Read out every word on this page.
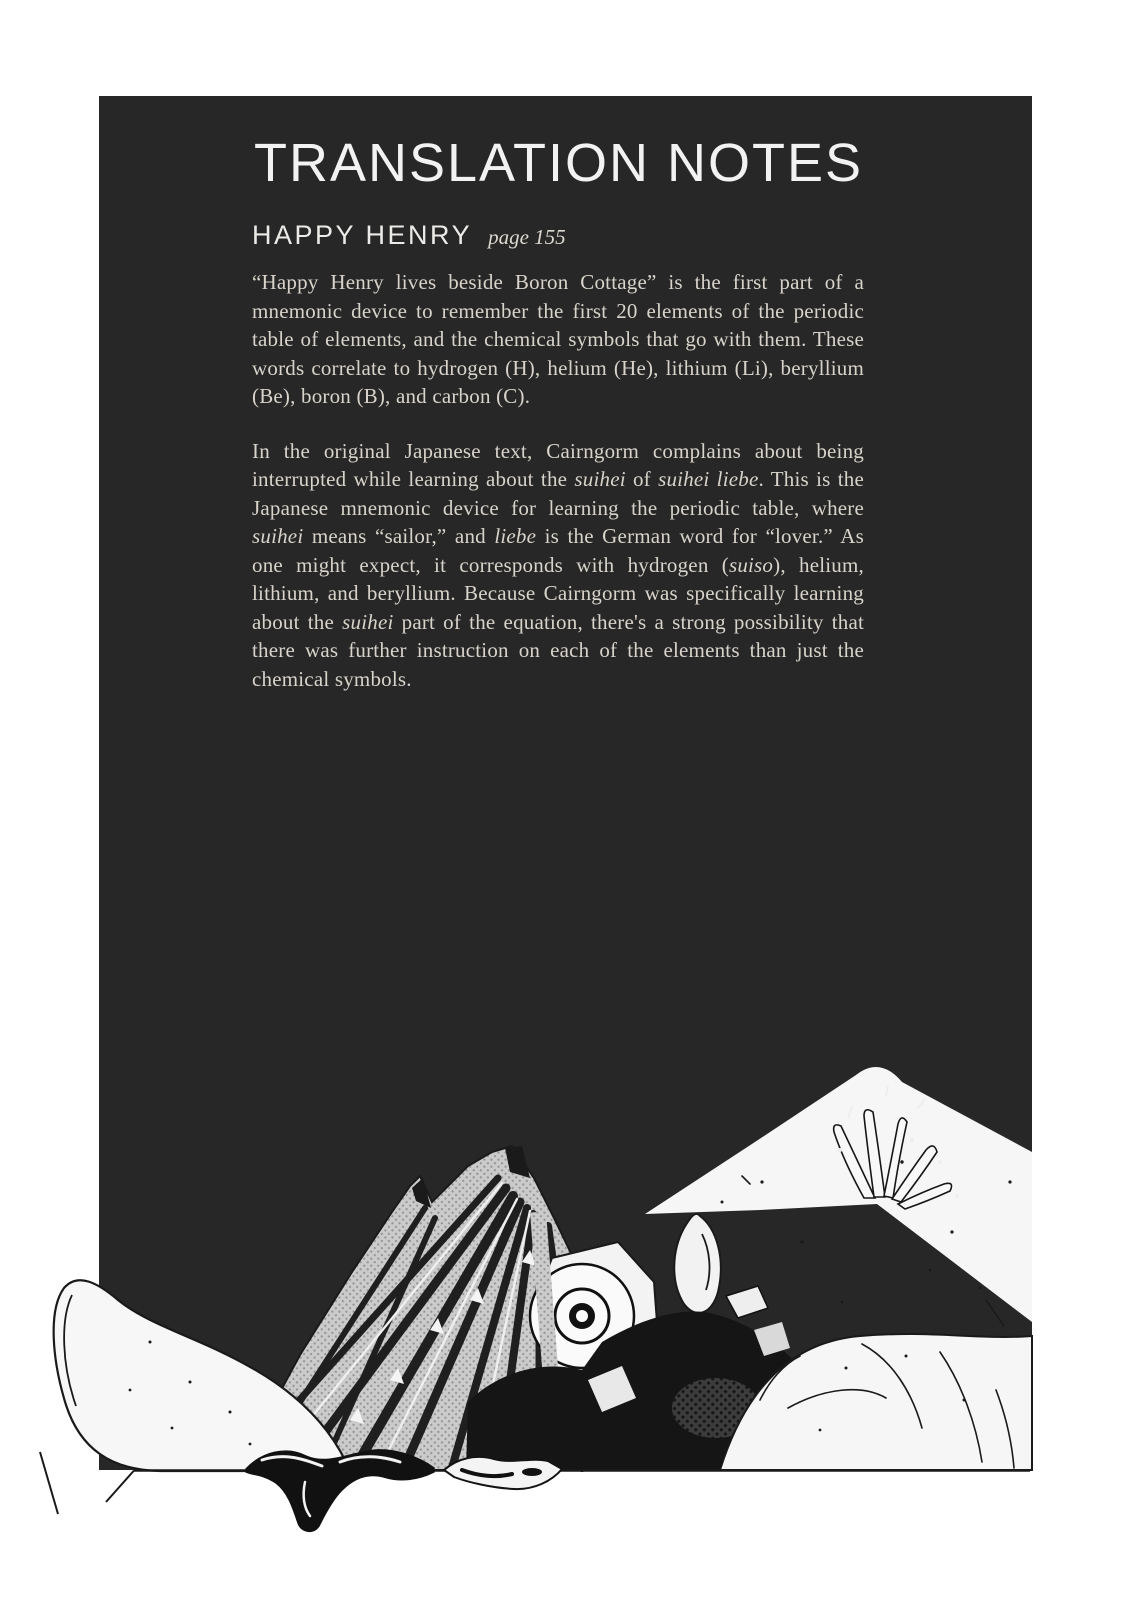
TRANSLATION NOTES
HAPPY HENRY page 155

“Happy Henry lives beside Boron Cottage” is the first part of a mnemonic device to remember the first 20 elements of the periodic table of elements, and the chemical symbols that go with them. These words correlate to hydrogen (H), helium (He), lithium (Li), beryllium (Be), boron (B), and carbon (C).

In the original Japanese text, Cairngorm complains about being interrupted while learning about the suihei of suihei liebe. This is the Japanese mnemonic device for learning the periodic table, where suihei means “sailor,” and liebe is the German word for “lover.” As one might expect, it corresponds with hydrogen (suiso), helium, lithium, and beryllium. Because Cairngorm was specifically learning about the suihei part of the equation, there's a strong possibility that there was further instruction on each of the elements than just the chemical symbols.
